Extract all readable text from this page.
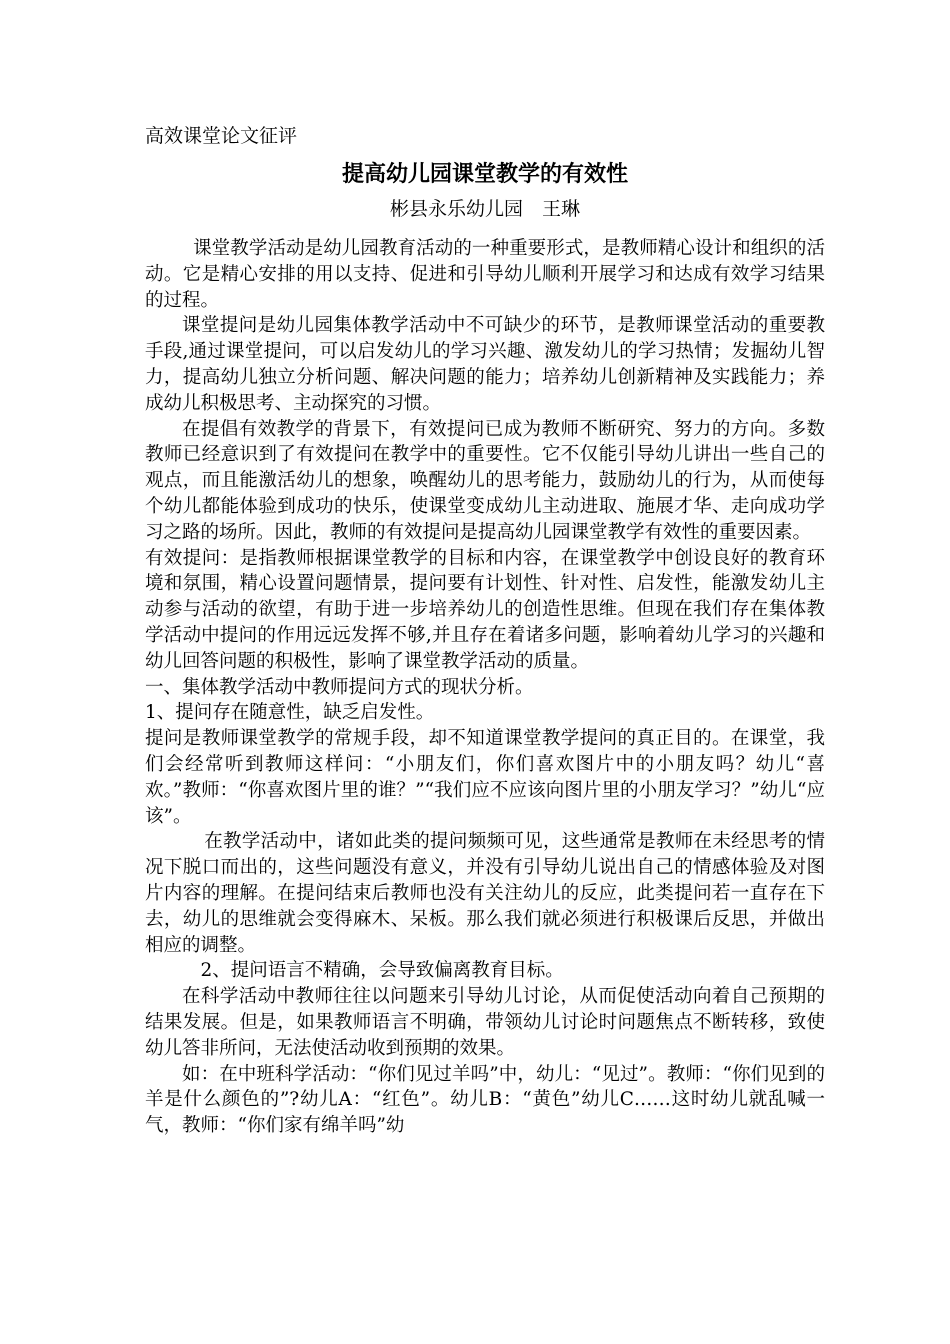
高效课堂论文征评
提高幼儿园课堂教学的有效性
彬县永乐幼儿园　王琳

课堂教学活动是幼儿园教育活动的一种重要形式，是教师精心设计和组织的活动。它是精心安排的用以支持、促进和引导幼儿顺利开展学习和达成有效学习结果的过程。

课堂提问是幼儿园集体教学活动中不可缺少的环节，是教师课堂活动的重要教手段,通过课堂提问，可以启发幼儿的学习兴趣、激发幼儿的学习热情；发掘幼儿智力，提高幼儿独立分析问题、解决问题的能力；培养幼儿创新精神及实践能力；养成幼儿积极思考、主动探究的习惯。

在提倡有效教学的背景下，有效提问已成为教师不断研究、努力的方向。多数教师已经意识到了有效提问在教学中的重要性。它不仅能引导幼儿讲出一些自己的观点，而且能激活幼儿的想象，唤醒幼儿的思考能力，鼓励幼儿的行为，从而使每个幼儿都能体验到成功的快乐，使课堂变成幼儿主动进取、施展才华、走向成功学习之路的场所。因此，教师的有效提问是提高幼儿园课堂教学有效性的重要因素。

有效提问：是指教师根据课堂教学的目标和内容，在课堂教学中创设良好的教育环境和氛围，精心设置问题情景，提问要有计划性、针对性、启发性，能激发幼儿主动参与活动的欲望，有助于进一步培养幼儿的创造性思维。但现在我们存在集体教学活动中提问的作用远远发挥不够,并且存在着诸多问题，影响着幼儿学习的兴趣和幼儿回答问题的积极性，影响了课堂教学活动的质量。

一、集体教学活动中教师提问方式的现状分析。

1、提问存在随意性，缺乏启发性。

提问是教师课堂教学的常规手段，却不知道课堂教学提问的真正目的。在课堂，我们会经常听到教师这样问：“小朋友们，你们喜欢图片中的小朋友吗？幼儿“喜欢。”教师：“你喜欢图片里的谁？”“我们应不应该向图片里的小朋友学习？”幼儿“应该”。

在教学活动中，诸如此类的提问频频可见，这些通常是教师在未经思考的情况下脱口而出的，这些问题没有意义，并没有引导幼儿说出自己的情感体验及对图片内容的理解。在提问结束后教师也没有关注幼儿的反应，此类提问若一直存在下去，幼儿的思维就会变得麻木、呆板。那么我们就必须进行积极课后反思，并做出相应的调整。

2、提问语言不精确，会导致偏离教育目标。

在科学活动中教师往往以问题来引导幼儿讨论，从而促使活动向着自己预期的结果发展。但是，如果教师语言不明确，带领幼儿讨论时问题焦点不断转移，致使幼儿答非所问，无法使活动收到预期的效果。

如：在中班科学活动：“你们见过羊吗”中，幼儿：“见过”。教师：“你们见到的羊是什么颜色的”?幼儿A：“红色”。幼儿B：“黄色”幼儿C……这时幼儿就乱喊一气，教师：“你们家有绵羊吗”幼
